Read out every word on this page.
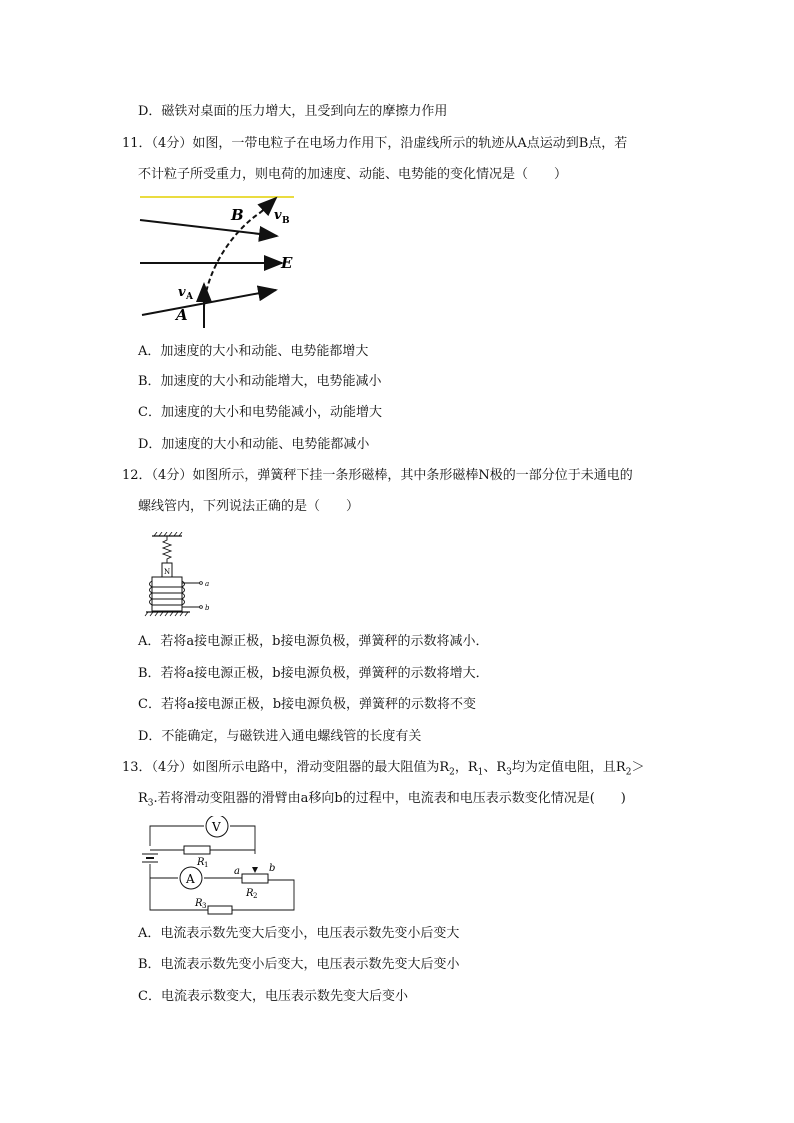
D．磁铁对桌面的压力增大，且受到向左的摩擦力作用
11．（4分）如图，一带电粒子在电场力作用下，沿虚线所示的轨迹从A点运动到B点，若
不计粒子所受重力，则电荷的加速度、动能、电势能的变化情况是（　　）
B v B
E
v A
A
A．加速度的大小和动能、电势能都增大
B．加速度的大小和动能增大，电势能减小
C．加速度的大小和电势能减小，动能增大
D．加速度的大小和动能、电势能都减小
12．（4分）如图所示，弹簧秤下挂一条形磁棒，其中条形磁棒N极的一部分位于未通电的
螺线管内，下列说法正确的是（　　）
N
a
b
A．若将a接电源正极，b接电源负极，弹簧秤的示数将减小．
B．若将a接电源正极，b接电源负极，弹簧秤的示数将增大．
C．若将a接电源正极，b接电源负极，弹簧秤的示数将不变
D．不能确定，与磁铁进入通电螺线管的长度有关
13．（4分）如图所示电路中，滑动变阻器的最大阻值为$R_2$，$R_1$、$R_3$均为定值电阻，且$R_2>$
$R_3$.若将滑动变阻器的滑臂由a移向b的过程中，电流表和电压表示数变化情况是(　　)
V
R 1
A
a	b
R 2
R 3
A．电流表示数先变大后变小，电压表示数先变小后变大
B．电流表示数先变小后变大，电压表示数先变大后变小
C．电流表示数变大，电压表示数先变大后变小
